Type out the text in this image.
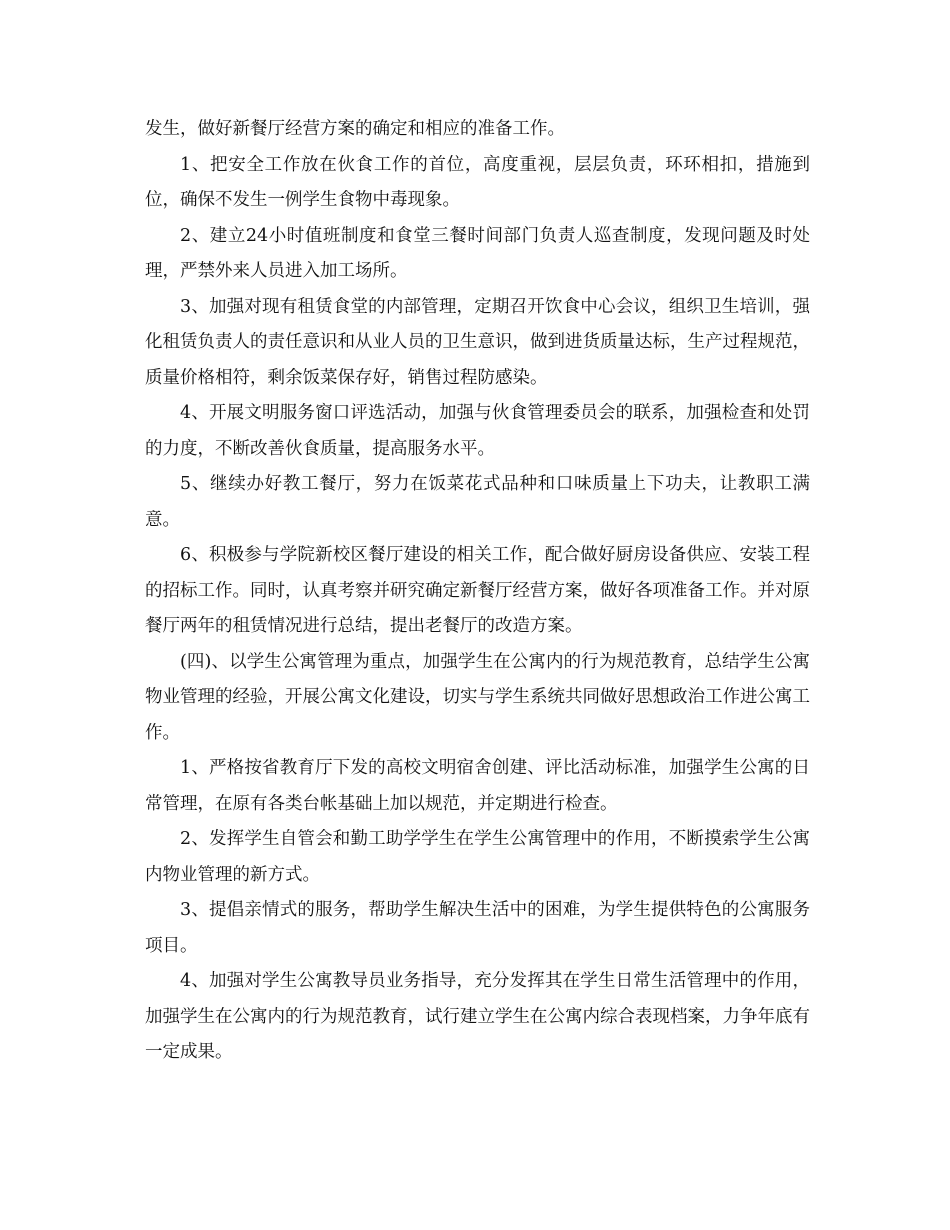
发生，做好新餐厅经营方案的确定和相应的准备工作。

1、把安全工作放在伙食工作的首位，高度重视，层层负责，环环相扣，措施到位，确保不发生一例学生食物中毒现象。

2、建立24小时值班制度和食堂三餐时间部门负责人巡查制度，发现问题及时处理，严禁外来人员进入加工场所。

3、加强对现有租赁食堂的内部管理，定期召开饮食中心会议，组织卫生培训，强化租赁负责人的责任意识和从业人员的卫生意识，做到进货质量达标，生产过程规范，质量价格相符，剩余饭菜保存好，销售过程防感染。

4、开展文明服务窗口评选活动，加强与伙食管理委员会的联系，加强检查和处罚的力度，不断改善伙食质量，提高服务水平。

5、继续办好教工餐厅，努力在饭菜花式品种和口味质量上下功夫，让教职工满意。

6、积极参与学院新校区餐厅建设的相关工作，配合做好厨房设备供应、安装工程的招标工作。同时，认真考察并研究确定新餐厅经营方案，做好各项准备工作。并对原餐厅两年的租赁情况进行总结，提出老餐厅的改造方案。

(四)、以学生公寓管理为重点，加强学生在公寓内的行为规范教育，总结学生公寓物业管理的经验，开展公寓文化建设，切实与学生系统共同做好思想政治工作进公寓工作。

1、严格按省教育厅下发的高校文明宿舍创建、评比活动标准，加强学生公寓的日常管理，在原有各类台帐基础上加以规范，并定期进行检查。

2、发挥学生自管会和勤工助学学生在学生公寓管理中的作用，不断摸索学生公寓内物业管理的新方式。

3、提倡亲情式的服务，帮助学生解决生活中的困难，为学生提供特色的公寓服务项目。

4、加强对学生公寓教导员业务指导，充分发挥其在学生日常生活管理中的作用，加强学生在公寓内的行为规范教育，试行建立学生在公寓内综合表现档案，力争年底有一定成果。
